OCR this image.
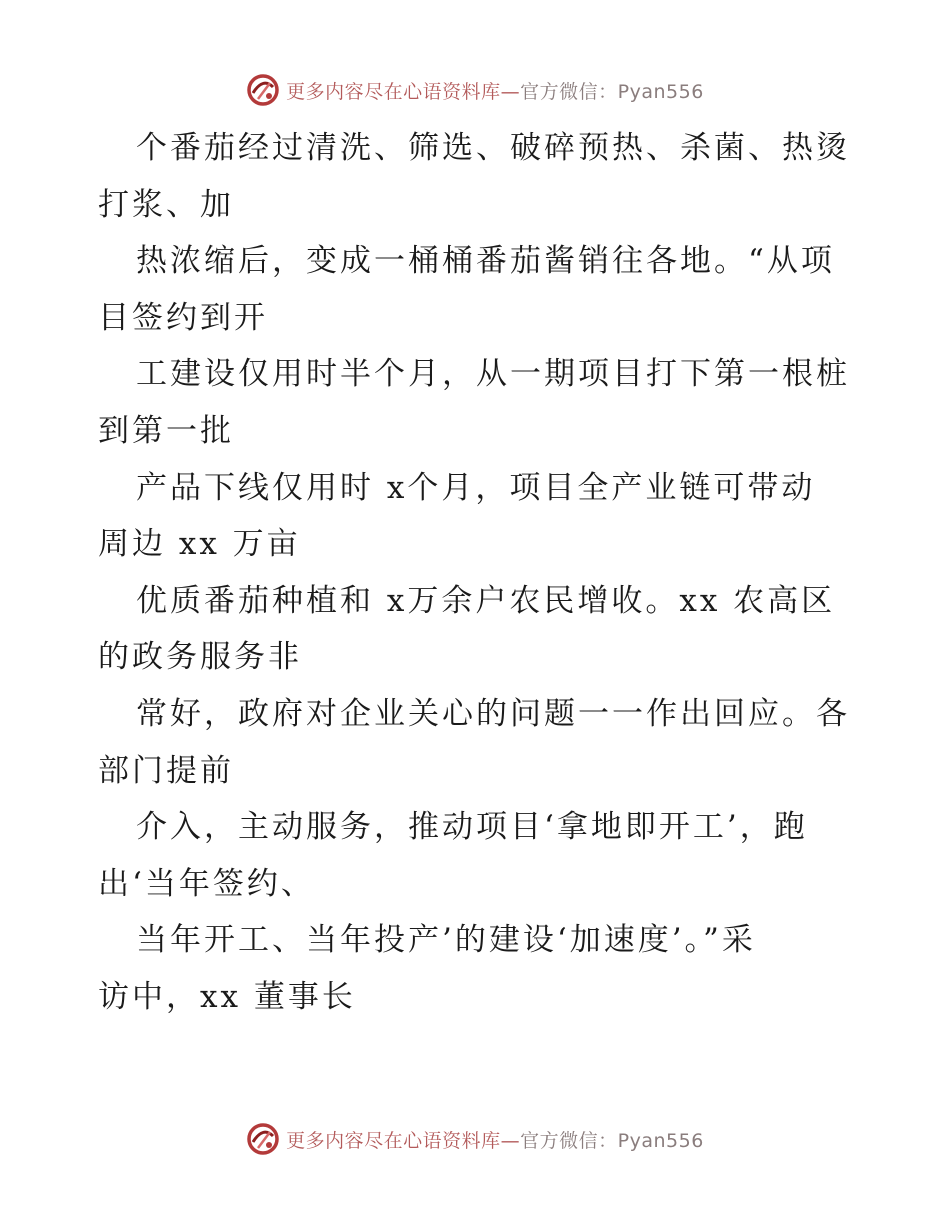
更多内容尽在心语资料库—官方微信：Pyan556
个番茄经过清洗、筛选、破碎预热、杀菌、热烫
打浆、加
热浓缩后，变成一桶桶番茄酱销往各地。“从项
目签约到开
工建设仅用时半个月，从一期项目打下第一根桩
到第一批
产品下线仅用时 x个月，项目全产业链可带动
周边 xx 万亩
优质番茄种植和 x万余户农民增收。xx 农高区
的政务服务非
常好，政府对企业关心的问题一一作出回应。各
部门提前
介入，主动服务，推动项目‘拿地即开工’，跑
出‘当年签约、
当年开工、当年投产’的建设‘加速度’。”采
访中，xx 董事长
更多内容尽在心语资料库—官方微信：Pyan556
